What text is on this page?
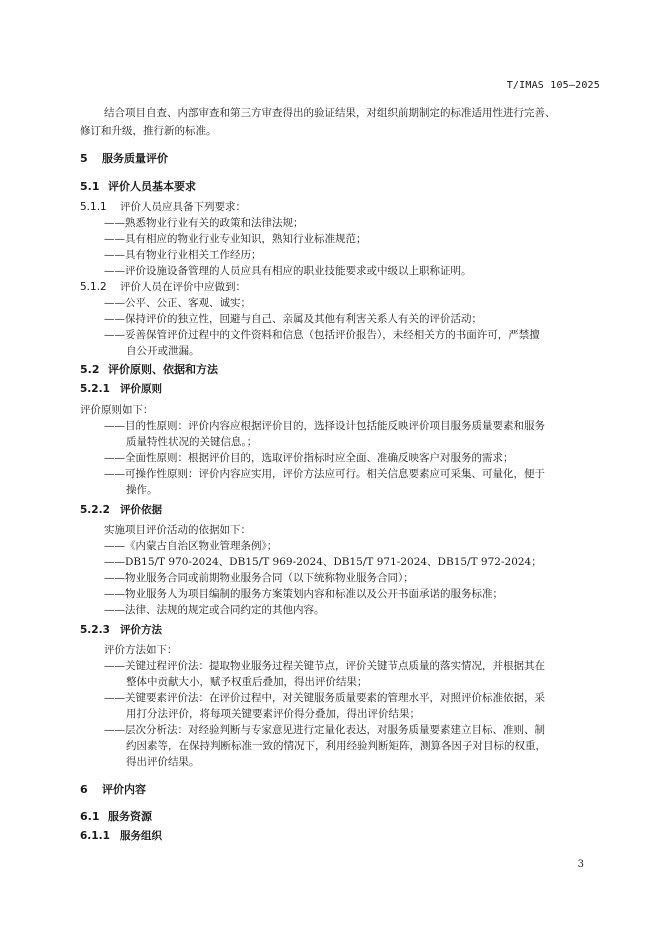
T/IMAS 105—2025
结合项目自查、内部审查和第三方审查得出的验证结果，对组织前期制定的标准适用性进行完善、
修订和升级，推行新的标准。
5 服务质量评价
5.1 评价人员基本要求
5.1.1 评价人员应具备下列要求：
——熟悉物业行业有关的政策和法律法规；
——具有相应的物业行业专业知识，熟知行业标准规范；
——具有物业行业相关工作经历；
——评价设施设备管理的人员应具有相应的职业技能要求或中级以上职称证明。
5.1.2 评价人员在评价中应做到：
——公平、公正、客观、诚实；
——保持评价的独立性，回避与自己、亲属及其他有利害关系人有关的评价活动；
——妥善保管评价过程中的文件资料和信息（包括评价报告），未经相关方的书面许可，严禁擅
自公开或泄漏。
5.2 评价原则、依据和方法
5.2.1 评价原则
评价原则如下：
——目的性原则：评价内容应根据评价目的，选择设计包括能反映评价项目服务质量要素和服务
质量特性状况的关键信息。；
——全面性原则：根据评价目的，选取评价指标时应全面、准确反映客户对服务的需求；
——可操作性原则：评价内容应实用，评价方法应可行。相关信息要素应可采集、可量化，便于
操作。
5.2.2 评价依据
实施项目评价活动的依据如下：
——《内蒙古自治区物业管理条例》；
——DB15/T 970-2024、DB15/T 969-2024、DB15/T 971-2024、DB15/T 972-2024；
——物业服务合同或前期物业服务合同（以下统称物业服务合同）；
——物业服务人为项目编制的服务方案策划内容和标准以及公开书面承诺的服务标准；
——法律、法规的规定或合同约定的其他内容。
5.2.3 评价方法
评价方法如下：
——关键过程评价法：提取物业服务过程关键节点，评价关键节点质量的落实情况，并根据其在
整体中贡献大小，赋予权重后叠加，得出评价结果；
——关键要素评价法：在评价过程中，对关键服务质量要素的管理水平，对照评价标准依据，采
用打分法评价，将每项关键要素评价得分叠加，得出评价结果；
——层次分析法：对经验判断与专家意见进行定量化表达，对服务质量要素建立目标、准则、制
约因素等，在保持判断标准一致的情况下，利用经验判断矩阵，测算各因子对目标的权重，
得出评价结果。
6 评价内容
6.1 服务资源
6.1.1 服务组织
3
